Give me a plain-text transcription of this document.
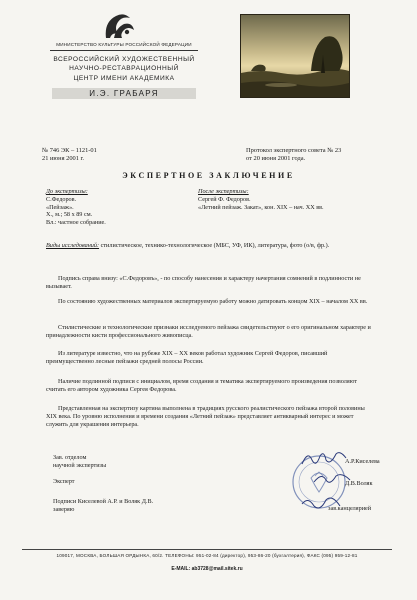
МИНИСТЕРСТВО КУЛЬТУРЫ РОССИЙСКОЙ ФЕДЕРАЦИИ
ВСЕРОССИЙСКИЙ ХУДОЖЕСТВЕННЫЙ
НАУЧНО-РЕСТАВРАЦИОННЫЙ
ЦЕНТР ИМЕНИ АКАДЕМИКА
И.Э. ГРАБАРЯ
№ 746 ЭК – 1121-01
21 июня 2001 г.
Протокол экспертного совета № 23
от 20 июня 2001 года.
ЭКСПЕРТНОЕ ЗАКЛЮЧЕНИЕ
До экспертизы:
С.Федоров.
«Пейзаж».
Х., м.; 58 x 89 см.
Вл.: частное собрание.
После экспертизы:
Сергей Ф. Федоров.
«Летний пейзаж. Закат», кон. XIX – нач. XX вв.
Виды исследований: стилистическое, технико-технологическое (МБС, УФ, ИК), литература, фото (о/в, фр.).
Подпись справа внизу: «С.Федоровъ», - по способу нанесения и характеру начертания сомнений в подлинности не вызывает.
По состоянию художественных материалов экспертируемую работу можно датировать концом XIX – началом XX вв.
Стилистические и технологические признаки исследуемого пейзажа свидетельствуют о его оригинальном характере и принадлежности кисти профессионального живописца.
Из литературе известно, что на рубеже XIX – XX веков работал художник Сергей Федоров, писавший преимущественно лесные пейзажи средней полосы России.
Наличие подлинной подписи с инициалом, время создания и тематика экспертируемого произведения позволяют считать его автором художника Сергея Федорова.
Представленная на экспертизу картина выполнена в традициях русского реалистического пейзажа второй половины XIX века. По уровню исполнения и времени создания «Летний пейзаж» представляет антикварный интерес и может служить для украшения интерьера.
Зав. отделом
научной экспертизы
Эксперт
Подписи Киселевой А.Р. и Воляк Д.В.
заверяю
А.Р.Киселева
Д.В.Воляк
зав.канцелярией
109017, МОСКВА, БОЛЬШАЯ ОРДЫНКА, 60/2. ТЕЛЕФОНЫ: 951-02-84 (директор), 953-86-20 (бухгалтерия), ФАКС (095) 959-12-81
E-MAIL: ab3728@mail.sitek.ru
